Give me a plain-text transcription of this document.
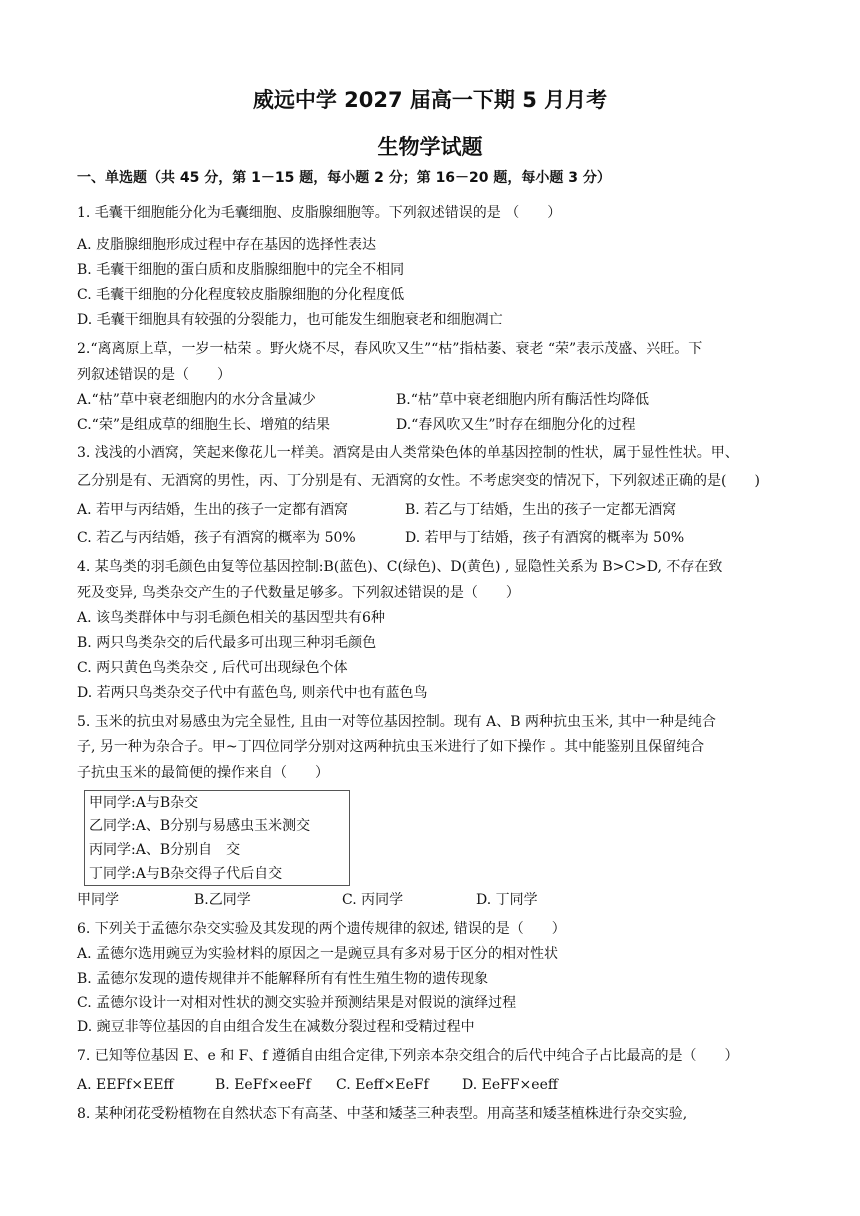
威远中学 2027 届高一下期 5 月月考
生物学试题
一、单选题（共 45 分，第 1－15 题，每小题 2 分；第 16－20 题，每小题 3 分）
1. 毛囊干细胞能分化为毛囊细胞、皮脂腺细胞等。下列叙述错误的是 （　　）
A. 皮脂腺细胞形成过程中存在基因的选择性表达
B. 毛囊干细胞的蛋白质和皮脂腺细胞中的完全不相同
C. 毛囊干细胞的分化程度较皮脂腺细胞的分化程度低
D. 毛囊干细胞具有较强的分裂能力，也可能发生细胞衰老和细胞凋亡
2.“离离原上草，一岁一枯荣 。野火烧不尽，春风吹又生”“枯”指枯萎、衰老 “荣”表示茂盛、兴旺。下
列叙述错误的是（　　）
A.“枯”草中衰老细胞内的水分含量减少	B.“枯”草中衰老细胞内所有酶活性均降低
C.“荣”是组成草的细胞生长、增殖的结果	D.“春风吹又生”时存在细胞分化的过程
3. 浅浅的小酒窝，笑起来像花儿一样美。酒窝是由人类常染色体的单基因控制的性状，属于显性性状。甲、
乙分别是有、无酒窝的男性，丙、丁分别是有、无酒窝的女性。不考虑突变的情况下，下列叙述正确的是(　　)
A. 若甲与丙结婚，生出的孩子一定都有酒窝	B. 若乙与丁结婚，生出的孩子一定都无酒窝
C. 若乙与丙结婚，孩子有酒窝的概率为 50%	D. 若甲与丁结婚，孩子有酒窝的概率为 50%
4. 某鸟类的羽毛颜色由复等位基因控制:B(蓝色)、C(绿色)、D(黄色) , 显隐性关系为 B>C>D, 不存在致
死及变异, 鸟类杂交产生的子代数量足够多。下列叙述错误的是（　　）
A. 该鸟类群体中与羽毛颜色相关的基因型共有6种
B. 两只鸟类杂交的后代最多可出现三种羽毛颜色
C. 两只黄色鸟类杂交 , 后代可出现绿色个体
D. 若两只鸟类杂交子代中有蓝色鸟, 则亲代中也有蓝色鸟
5. 玉米的抗虫对易感虫为完全显性, 且由一对等位基因控制。现有 A、B 两种抗虫玉米, 其中一种是纯合
子, 另一种为杂合子。甲~丁四位同学分别对这两种抗虫玉米进行了如下操作 。其中能鉴别且保留纯合
子抗虫玉米的最简便的操作来自（　　）
甲同学:A与B杂交
乙同学:A、B分别与易感虫玉米测交
丙同学:A、B分别自　交
丁同学:A与B杂交得子代后自交
甲同学	B.乙同学	C. 丙同学	D. 丁同学
6. 下列关于孟德尔杂交实验及其发现的两个遗传规律的叙述, 错误的是（　　）
A. 孟德尔选用豌豆为实验材料的原因之一是豌豆具有多对易于区分的相对性状
B. 孟德尔发现的遗传规律并不能解释所有有性生殖生物的遗传现象
C. 孟德尔设计一对相对性状的测交实验并预测结果是对假说的演绎过程
D. 豌豆非等位基因的自由组合发生在减数分裂过程和受精过程中
7. 已知等位基因 E、e 和 F、f 遵循自由组合定律,下列亲本杂交组合的后代中纯合子占比最高的是（　　）
A. EEFf×EEff	B. EeFf×eeFf C. Eeff×EeFf D. EeFF×eeff
8. 某种闭花受粉植物在自然状态下有高茎、中茎和矮茎三种表型。用高茎和矮茎植株进行杂交实验,
